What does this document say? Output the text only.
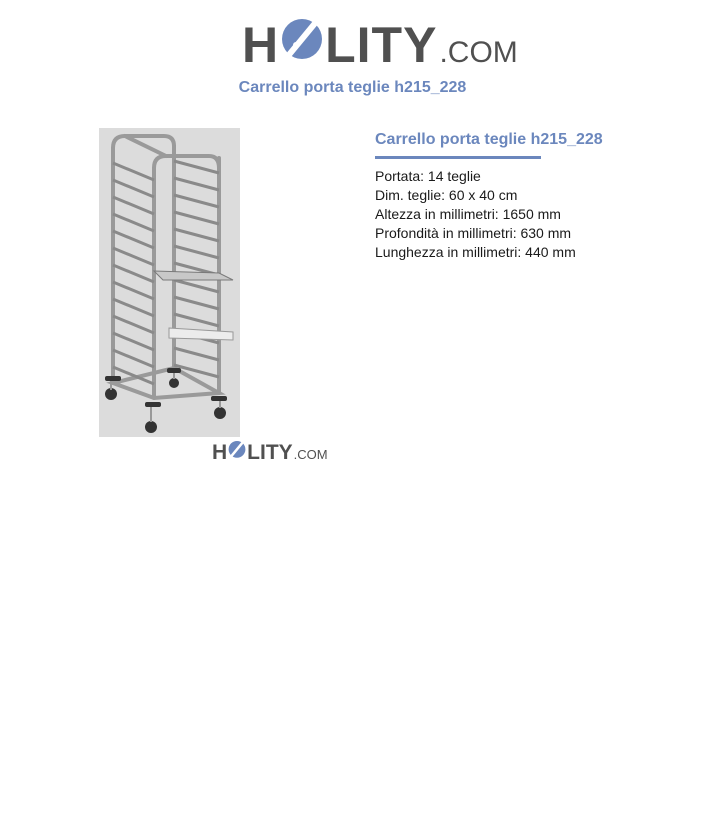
H LITY .COM
Carrello porta teglie h215_228
H LITY .COM
Carrello porta teglie h215_228

Portata: 14 teglie

Dim. teglie: 60 x 40 cm

Altezza in millimetri: 1650 mm

Profondità in millimetri: 630 mm

Lunghezza in millimetri: 440 mm
